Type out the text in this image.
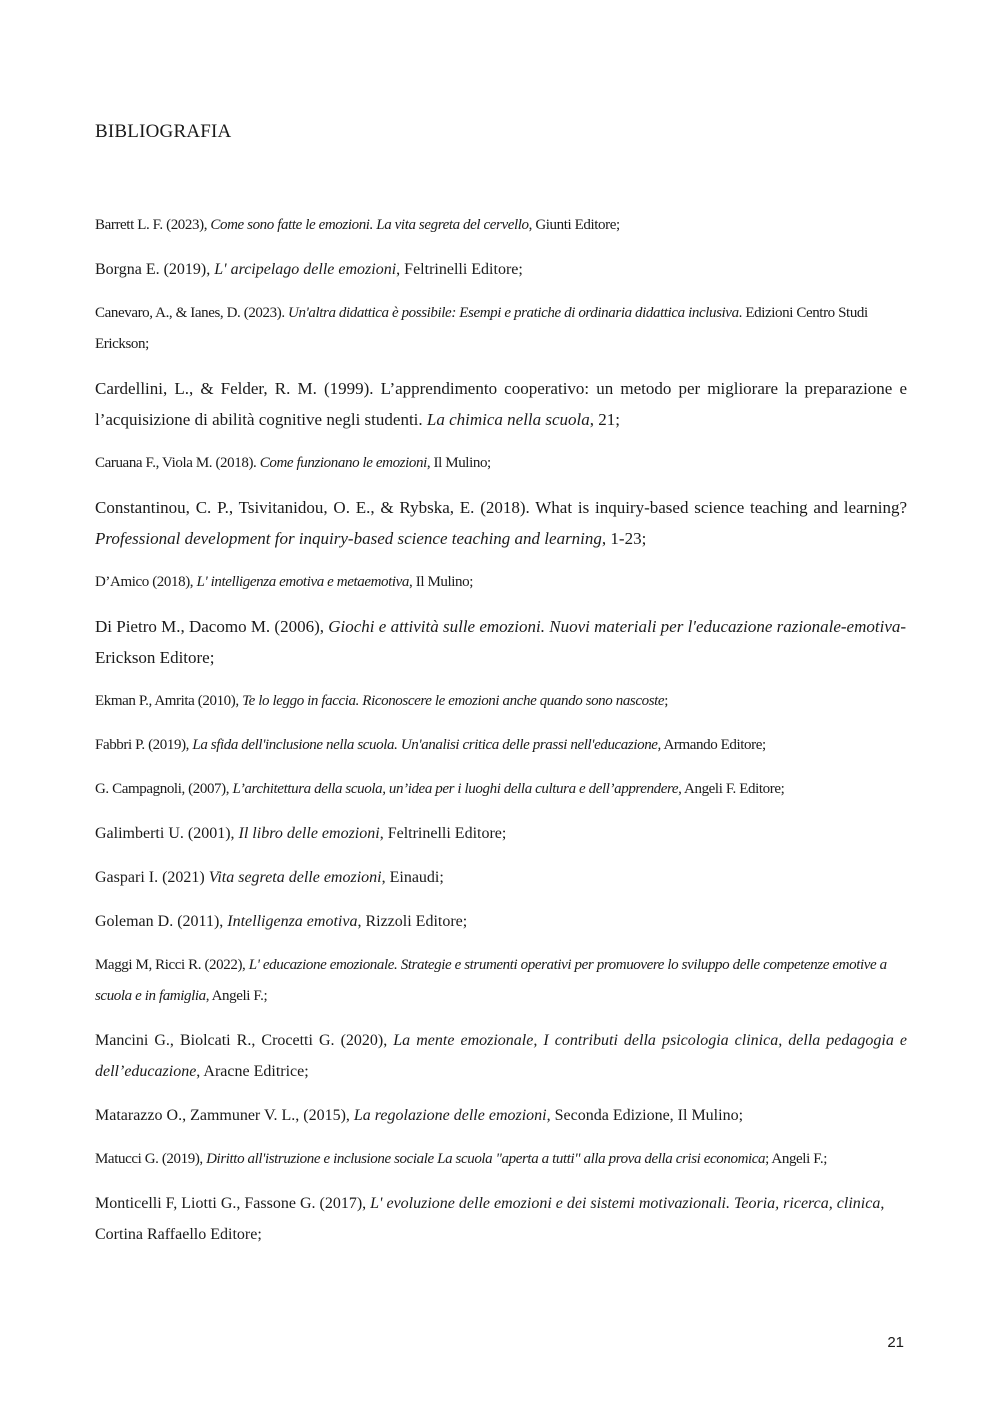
BIBLIOGRAFIA

Barrett L. F. (2023), Come sono fatte le emozioni. La vita segreta del cervello, Giunti Editore;

Borgna E. (2019), L' arcipelago delle emozioni, Feltrinelli Editore;

Canevaro, A., & Ianes, D. (2023). Un'altra didattica è possibile: Esempi e pratiche di ordinaria didattica inclusiva. Edizioni Centro Studi Erickson;

Cardellini, L., & Felder, R. M. (1999). L’apprendimento cooperativo: un metodo per migliorare la preparazione e l’acquisizione di abilità cognitive negli studenti. La chimica nella scuola, 21;

Caruana F., Viola M. (2018). Come funzionano le emozioni, Il Mulino;

Constantinou, C. P., Tsivitanidou, O. E., & Rybska, E. (2018). What is inquiry-based science teaching and learning? Professional development for inquiry-based science teaching and learning, 1-23;

D’Amico (2018), L' intelligenza emotiva e metaemotiva, Il Mulino;

Di Pietro M., Dacomo M. (2006), Giochi e attività sulle emozioni. Nuovi materiali per l'educazione razionale-emotiva- Erickson Editore;

Ekman P., Amrita (2010), Te lo leggo in faccia. Riconoscere le emozioni anche quando sono nascoste;

Fabbri P. (2019), La sfida dell'inclusione nella scuola. Un'analisi critica delle prassi nell'educazione, Armando Editore;

G. Campagnoli, (2007), L’architettura della scuola, un’idea per i luoghi della cultura e dell’apprendere, Angeli F. Editore;

Galimberti U. (2001), Il libro delle emozioni, Feltrinelli Editore;

Gaspari I. (2021) Vita segreta delle emozioni, Einaudi;

Goleman D. (2011), Intelligenza emotiva, Rizzoli Editore;

Maggi M, Ricci R. (2022), L' educazione emozionale. Strategie e strumenti operativi per promuovere lo sviluppo delle competenze emotive a scuola e in famiglia, Angeli F.;

Mancini G., Biolcati R., Crocetti G. (2020), La mente emozionale, I contributi della psicologia clinica, della pedagogia e dell’educazione, Aracne Editrice;

Matarazzo O., Zammuner V. L., (2015), La regolazione delle emozioni, Seconda Edizione, Il Mulino;

Matucci G. (2019), Diritto all'istruzione e inclusione sociale La scuola "aperta a tutti" alla prova della crisi economica; Angeli F.;

Monticelli F, Liotti G., Fassone G. (2017), L' evoluzione delle emozioni e dei sistemi motivazionali. Teoria, ricerca, clinica, Cortina Raffaello Editore;

21
